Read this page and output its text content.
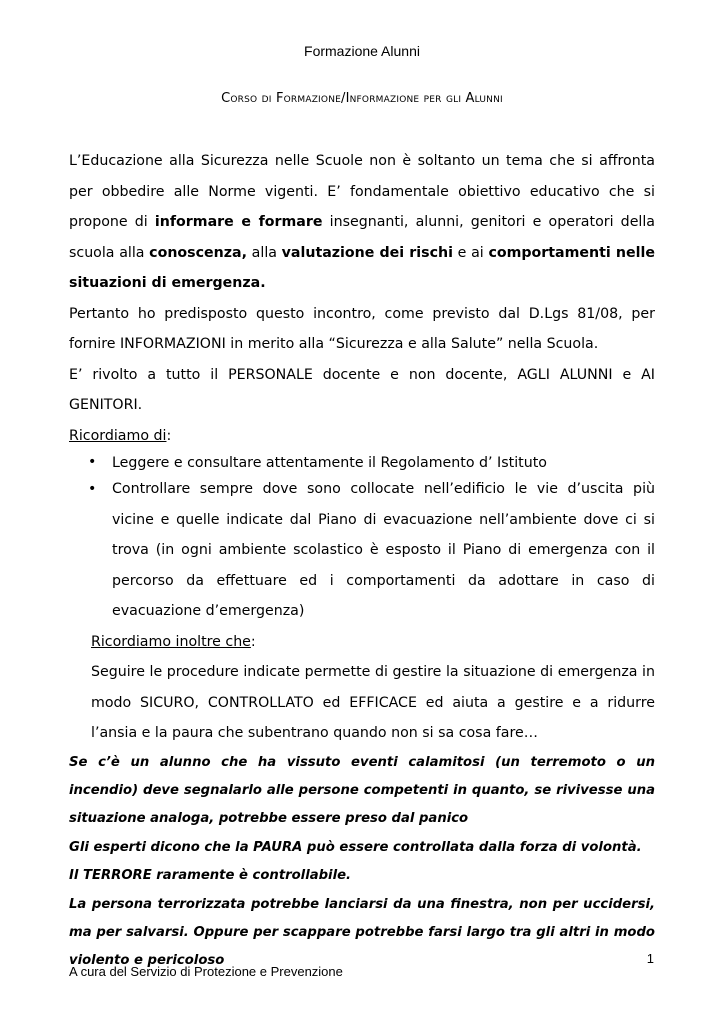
Formazione Alunni
Corso di Formazione/Informazione per gli Alunni

L’Educazione alla Sicurezza nelle Scuole non è soltanto un tema che si affronta per obbedire alle Norme vigenti. E’ fondamentale obiettivo educativo che si propone di informare e formare insegnanti, alunni, genitori e operatori della scuola alla conoscenza, alla valutazione dei rischi e ai comportamenti nelle situazioni di emergenza.

Pertanto ho predisposto questo incontro, come previsto dal D.Lgs 81/08, per fornire INFORMAZIONI in merito alla “Sicurezza e alla Salute” nella Scuola.

E’ rivolto a tutto il PERSONALE docente e non docente, AGLI ALUNNI e AI GENITORI.

Ricordiamo di:

• Leggere e consultare attentamente il Regolamento d’ Istituto
• Controllare sempre dove sono collocate nell’edificio le vie d’uscita più vicine e quelle indicate dal Piano di evacuazione nell’ambiente dove ci si trova (in ogni ambiente scolastico è esposto il Piano di emergenza con il percorso da effettuare ed i comportamenti da adottare in caso di evacuazione d’emergenza)

Ricordiamo inoltre che:

Seguire le procedure indicate permette di gestire la situazione di emergenza in modo SICURO, CONTROLLATO ed EFFICACE ed aiuta a gestire e a ridurre l’ansia e la paura che subentrano quando non si sa cosa fare…

Se c’è un alunno che ha vissuto eventi calamitosi (un terremoto o un incendio) deve segnalarlo alle persone competenti in quanto, se rivivesse una situazione analoga, potrebbe essere preso dal panico

Gli esperti dicono che la PAURA può essere controllata dalla forza di volontà.

Il TERRORE raramente è controllabile.

La persona terrorizzata potrebbe lanciarsi da una finestra, non per uccidersi, ma per salvarsi. Oppure per scappare potrebbe farsi largo tra gli altri in modo violento e pericoloso	1
A cura del Servizio di Protezione e Prevenzione
